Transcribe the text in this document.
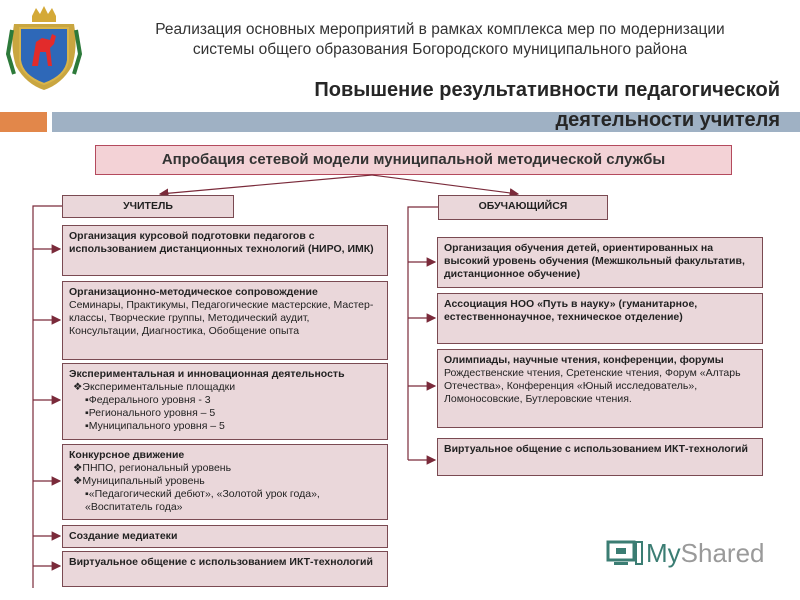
Реализация основных мероприятий в рамках комплекса мер по модернизации
системы общего образования Богородского муниципального района
Повышение результативности педагогической
деятельности учителя
Апробация сетевой модели муниципальной методической службы
УЧИТЕЛЬ
Организация курсовой подготовки педагогов с использованием дистанционных технологий (НИРО, ИМК)
Организационно-методическое сопровождение
Семинары, Практикумы, Педагогические мастерские, Мастер-классы, Творческие группы, Методический аудит, Консультации, Диагностика, Обобщение опыта
Экспериментальная и инновационная деятельность
❖Экспериментальные площадки
▪Федерального уровня - 3
▪Регионального уровня – 5
▪Муниципального уровня – 5
Конкурсное движение
❖ПНПО, региональный уровень
❖Муниципальный уровень
▪«Педагогический дебют», «Золотой урок года», «Воспитатель года»
Создание медиатеки
Виртуальное общение с использованием ИКТ-технологий
ОБУЧАЮЩИЙСЯ
Организация обучения детей, ориентированных на высокий уровень обучения (Межшкольный факультатив, дистанционное обучение)
Ассоциация НОО «Путь в науку» (гуманитарное, естественнонаучное, техническое отделение)
Олимпиады, научные чтения, конференции, форумы
Рождественские чтения, Сретенские чтения, Форум «Алтарь Отечества», Конференция «Юный исследователь», Ломоносовские, Бутлеровские чтения.
Виртуальное общение с использованием ИКТ-технологий
MyShared
